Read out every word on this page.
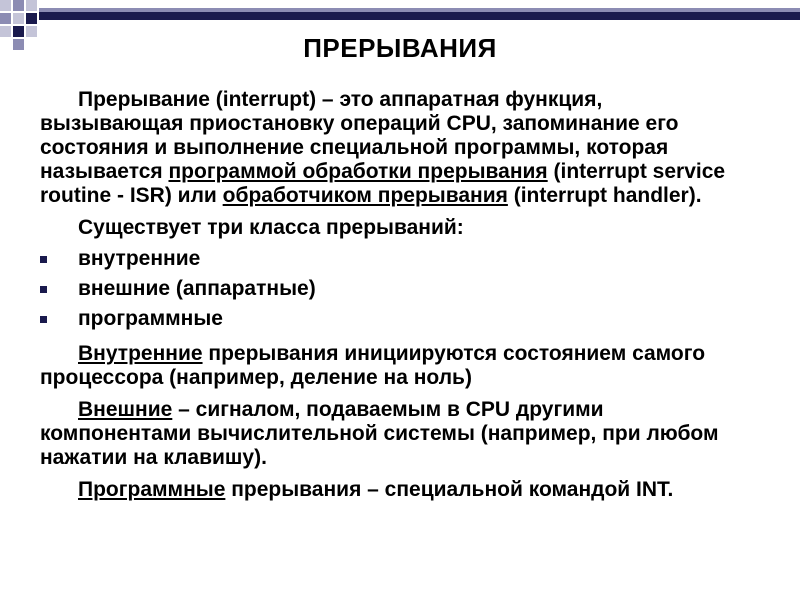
ПРЕРЫВАНИЯ

Прерывание (interrupt) – это аппаратная функция, вызывающая приостановку операций CPU, запоминание его состояния и выполнение специальной программы, которая называется программой обработки прерывания (interrupt service routine - ISR) или обработчиком прерывания (interrupt handler).

Существует три класса прерываний:

внутренние
внешние (аппаратные)
программные

Внутренние прерывания инициируются состоянием самого процессора (например, деление на ноль)

Внешние – сигналом, подаваемым в CPU другими компонентами вычислительной системы (например, при любом нажатии на клавишу).

Программные прерывания – специальной командой INT.
